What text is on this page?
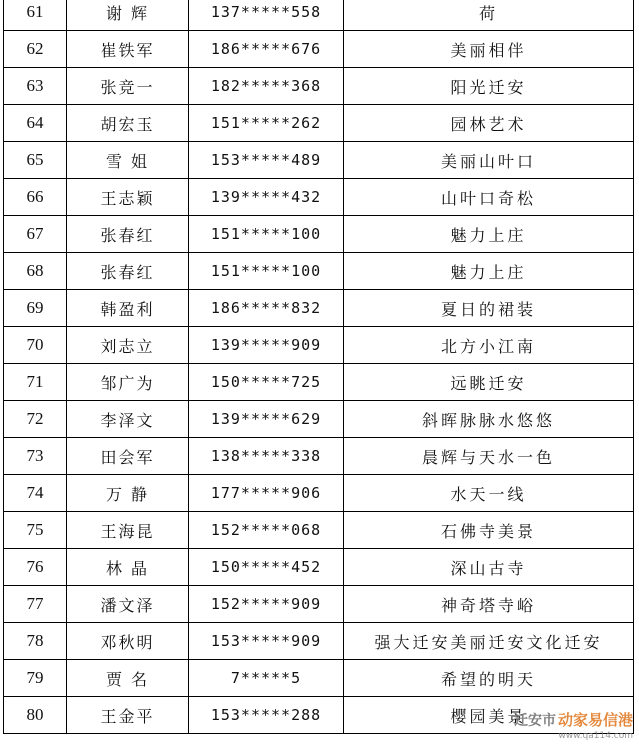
61	谢 辉	137*****558	荷
62	崔铁军	186*****676	美丽相伴
63	张竞一	182*****368	阳光迁安
64	胡宏玉	151*****262	园林艺术
65	雪 姐	153*****489	美丽山叶口
66	王志颖	139*****432	山叶口奇松
67	张春红	151*****100	魅力上庄
68	张春红	151*****100	魅力上庄
69	韩盈利	186*****832	夏日的裙装
70	刘志立	139*****909	北方小江南
71	邹广为	150*****725	远眺迁安
72	李泽文	139*****629	斜晖脉脉水悠悠
73	田会军	138*****338	晨辉与天水一色
74	万 静	177*****906	水天一线
75	王海昆	152*****068	石佛寺美景
76	林 晶	150*****452	深山古寺
77	潘文泽	152*****909	神奇塔寺峪
78	邓秋明	153*****909	强大迁安美丽迁安文化迁安
79	贾 名	7*****5	希望的明天
80	王金平	153*****288	樱园美景
迁安市 动家易信港
www.qa114.com
